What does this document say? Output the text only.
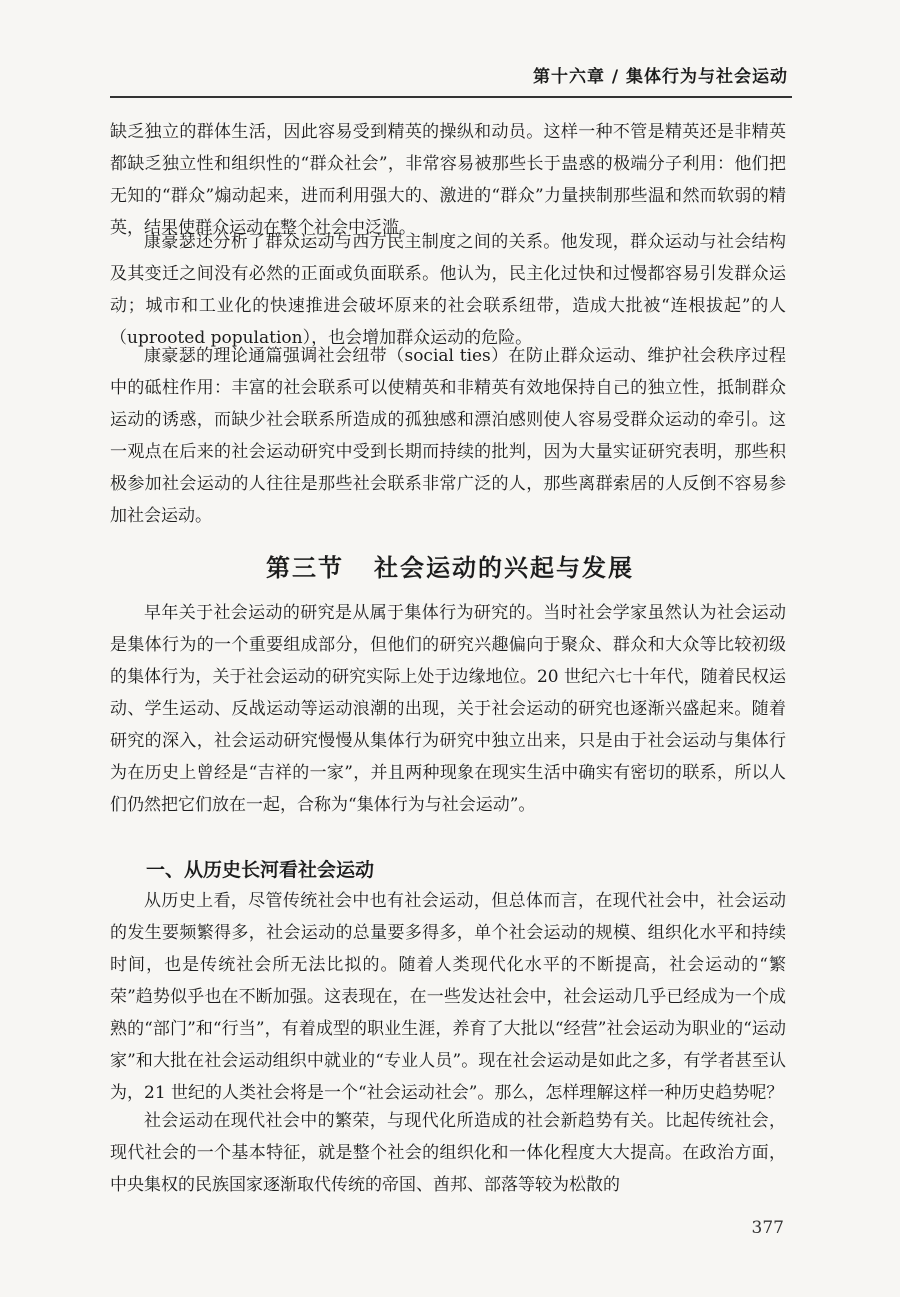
第十六章 / 集体行为与社会运动

缺乏独立的群体生活，因此容易受到精英的操纵和动员。这样一种不管是精英还是非精英都缺乏独立性和组织性的“群众社会”，非常容易被那些长于蛊惑的极端分子利用：他们把无知的“群众”煽动起来，进而利用强大的、激进的“群众”力量挟制那些温和然而软弱的精英，结果使群众运动在整个社会中泛滥。

康豪瑟还分析了群众运动与西方民主制度之间的关系。他发现，群众运动与社会结构及其变迁之间没有必然的正面或负面联系。他认为，民主化过快和过慢都容易引发群众运动；城市和工业化的快速推进会破坏原来的社会联系纽带，造成大批被“连根拔起”的人（uprooted population），也会增加群众运动的危险。

康豪瑟的理论通篇强调社会纽带（social ties）在防止群众运动、维护社会秩序过程中的砥柱作用：丰富的社会联系可以使精英和非精英有效地保持自己的独立性，抵制群众运动的诱惑，而缺少社会联系所造成的孤独感和漂泊感则使人容易受群众运动的牵引。这一观点在后来的社会运动研究中受到长期而持续的批判，因为大量实证研究表明，那些积极参加社会运动的人往往是那些社会联系非常广泛的人，那些离群索居的人反倒不容易参加社会运动。

第三节 社会运动的兴起与发展

早年关于社会运动的研究是从属于集体行为研究的。当时社会学家虽然认为社会运动是集体行为的一个重要组成部分，但他们的研究兴趣偏向于聚众、群众和大众等比较初级的集体行为，关于社会运动的研究实际上处于边缘地位。20 世纪六七十年代，随着民权运动、学生运动、反战运动等运动浪潮的出现，关于社会运动的研究也逐渐兴盛起来。随着研究的深入，社会运动研究慢慢从集体行为研究中独立出来，只是由于社会运动与集体行为在历史上曾经是“吉祥的一家”，并且两种现象在现实生活中确实有密切的联系，所以人们仍然把它们放在一起，合称为“集体行为与社会运动”。

一、从历史长河看社会运动

从历史上看，尽管传统社会中也有社会运动，但总体而言，在现代社会中，社会运动的发生要频繁得多，社会运动的总量要多得多，单个社会运动的规模、组织化水平和持续时间，也是传统社会所无法比拟的。随着人类现代化水平的不断提高，社会运动的“繁荣”趋势似乎也在不断加强。这表现在，在一些发达社会中，社会运动几乎已经成为一个成熟的“部门”和“行当”，有着成型的职业生涯，养育了大批以“经营”社会运动为职业的“运动家”和大批在社会运动组织中就业的“专业人员”。现在社会运动是如此之多，有学者甚至认为，21 世纪的人类社会将是一个“社会运动社会”。那么，怎样理解这样一种历史趋势呢？

社会运动在现代社会中的繁荣，与现代化所造成的社会新趋势有关。比起传统社会，现代社会的一个基本特征，就是整个社会的组织化和一体化程度大大提高。在政治方面，中央集权的民族国家逐渐取代传统的帝国、酋邦、部落等较为松散的

377
